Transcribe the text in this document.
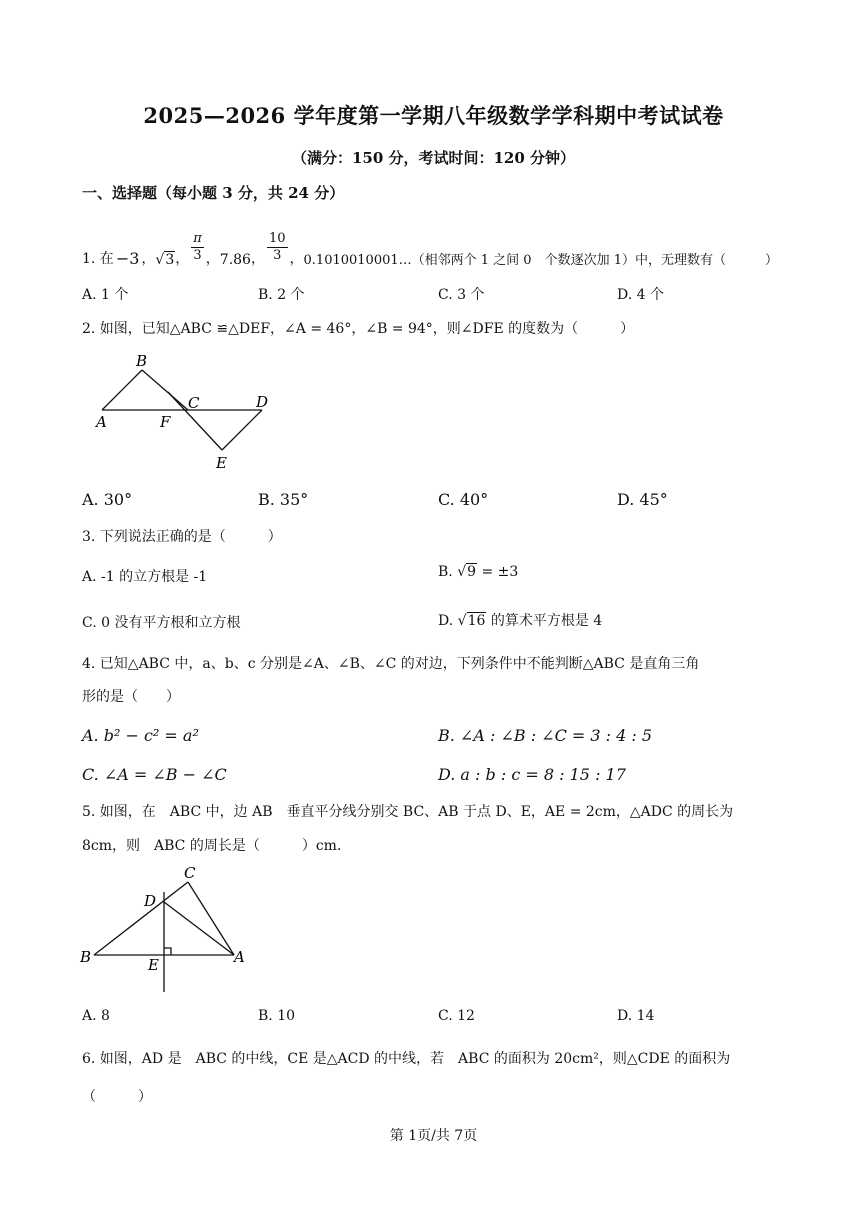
2025—2026 学年度第一学期八年级数学学科期中考试试卷
（满分：150 分，考试时间：120 分钟）
一、选择题（每小题 3 分，共 24 分）
1. 在 −3 ， √3 ， $\frac{\pi}{3}$ ， 7.86 ， $\frac{10}{3}$ ， 0.1010010001…（相邻两个 1 之间 0　个数逐次加 1）中，无理数有（　　　）
A. 1 个	B. 2 个	C. 3 个	D. 4 个
2. 如图，已知△ABC ≌△DEF，∠A = 46°，∠B = 94°，则∠DFE 的度数为（　　　）
B
A
C
F
D
E
A. 30°	B. 35°	C. 40°	D. 45°
3. 下列说法正确的是（　　　）
A. -1 的立方根是 -1	B. √9 = ±3
C. 0 没有平方根和立方根	D. √16 的算术平方根是 4
4. 已知△ABC 中，a、b、c 分别是∠A、∠B、∠C 的对边，下列条件中不能判断△ABC 是直角三角
形的是（　　）
A. b² − c² = a²	B. ∠A : ∠B : ∠C = 3 : 4 : 5
C. ∠A = ∠B − ∠C	D. a : b : c = 8 : 15 : 17
5. 如图，在　ABC 中，边 AB　垂直平分线分别交 BC、AB 于点 D、E，AE = 2cm，△ADC 的周长为
8cm，则　ABC 的周长是（　　　）cm．
C
D
B	E	A
A. 8	B. 10	C. 12	D. 14
6. 如图，AD 是　ABC 的中线，CE 是△ACD 的中线，若　ABC 的面积为 20cm²，则△CDE 的面积为
（　　　）
第 1页/共 7页
